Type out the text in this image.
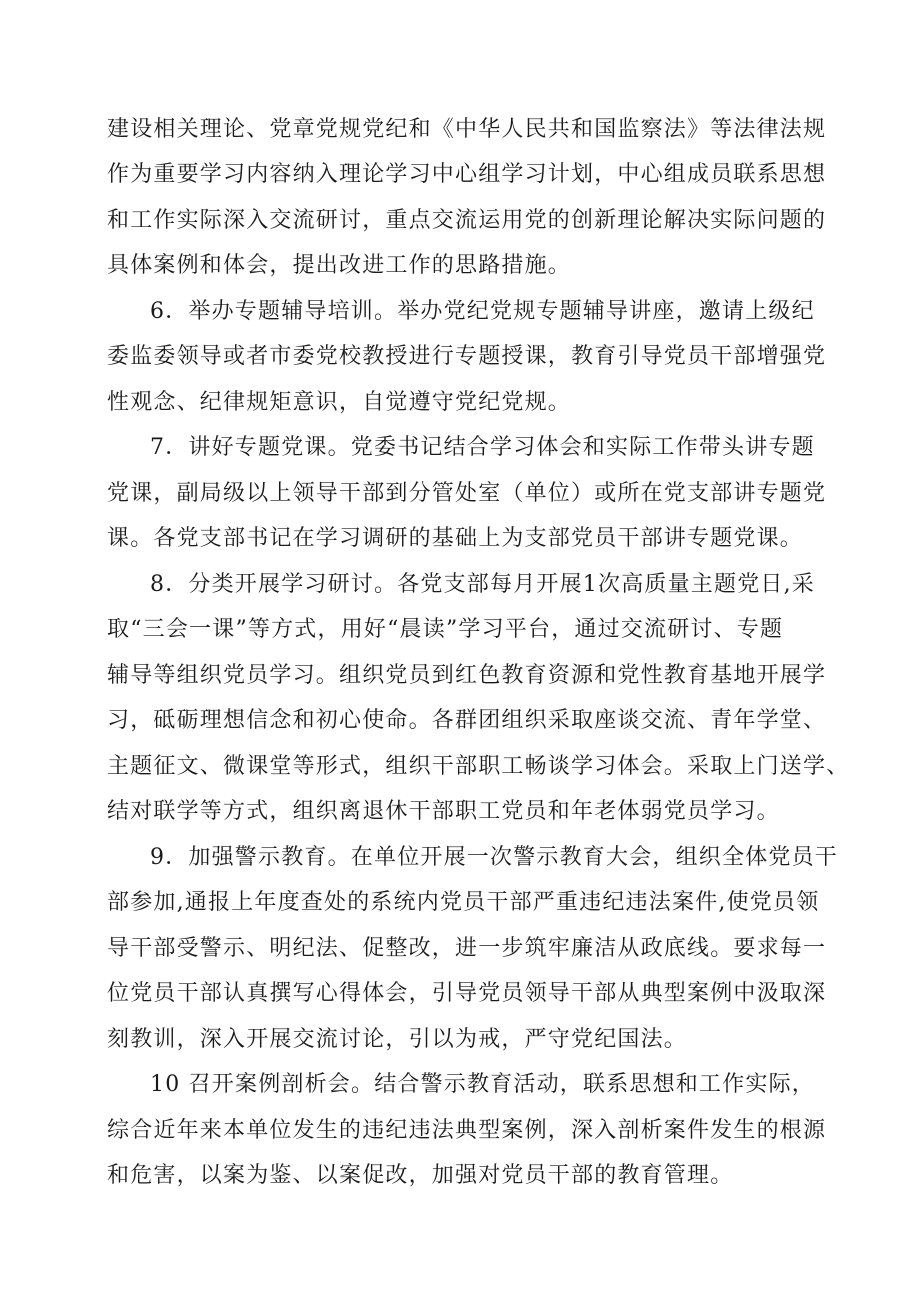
建设相关理论、党章党规党纪和《中华人民共和国监察法》等法律法规
作为重要学习内容纳入理论学习中心组学习计划，中心组成员联系思想
和工作实际深入交流研讨，重点交流运用党的创新理论解决实际问题的
具体案例和体会，提出改进工作的思路措施。
6．举办专题辅导培训。举办党纪党规专题辅导讲座，邀请上级纪
委监委领导或者市委党校教授进行专题授课，教育引导党员干部增强党
性观念、纪律规矩意识，自觉遵守党纪党规。
7．讲好专题党课。党委书记结合学习体会和实际工作带头讲专题
党课，副局级以上领导干部到分管处室（单位）或所在党支部讲专题党
课。各党支部书记在学习调研的基础上为支部党员干部讲专题党课。
8．分类开展学习研讨。各党支部每月开展1次高质量主题党日,采
取“三会一课”等方式，用好“晨读”学习平台，通过交流研讨、专题
辅导等组织党员学习。组织党员到红色教育资源和党性教育基地开展学
习，砥砺理想信念和初心使命。各群团组织采取座谈交流、青年学堂、
主题征文、微课堂等形式，组织干部职工畅谈学习体会。采取上门送学、
结对联学等方式，组织离退休干部职工党员和年老体弱党员学习。
9．加强警示教育。在单位开展一次警示教育大会，组织全体党员干
部参加,通报上年度查处的系统内党员干部严重违纪违法案件,使党员领
导干部受警示、明纪法、促整改，进一步筑牢廉洁从政底线。要求每一
位党员干部认真撰写心得体会，引导党员领导干部从典型案例中汲取深
刻教训，深入开展交流讨论，引以为戒，严守党纪国法。
10 召开案例剖析会。结合警示教育活动，联系思想和工作实际，
综合近年来本单位发生的违纪违法典型案例，深入剖析案件发生的根源
和危害，以案为鉴、以案促改，加强对党员干部的教育管理。
